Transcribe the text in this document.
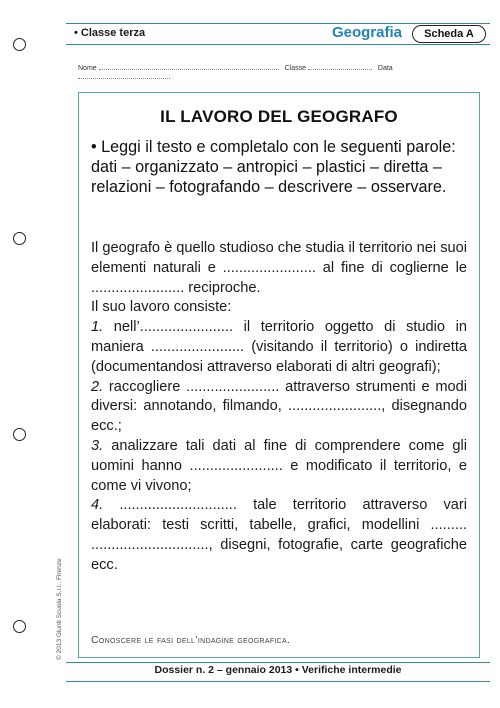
• Classe terza	Geografia	Scheda A
Nome	Classe	Data
IL LAVORO DEL GEOGRAFO
• Leggi il testo e completalo con le seguenti parole: dati – organizzato – antropici – plastici – diretta – relazioni – fotografando – descrivere – osservare.

Il geografo è quello studioso che studia il territorio nei suoi elementi naturali e ....................... al fine di coglierne le ....................... reciproche.

Il suo lavoro consiste:

1. nell’....................... il territorio oggetto di studio in maniera ....................... (visitando il territorio) o indiretta (documentandosi attraverso elaborati di altri geografi);

2. raccogliere ....................... attraverso strumenti e modi diversi: annotando, filmando, ......................., disegnando ecc.;

3. analizzare tali dati al fine di comprendere come gli uomini hanno ....................... e modificato il territorio, e come vi vivono;

4. ............................. tale territorio attraverso vari elaborati: testi scritti, tabelle, grafici, modellini ......... ............................., disegni, fotografie, carte geografiche ecc.

Conoscere le fasi dell’indagine geografica.
© 2013 Giunti Scuola S.r.l., Firenze
Dossier n. 2 – gennaio 2013 • Verifiche intermedie
